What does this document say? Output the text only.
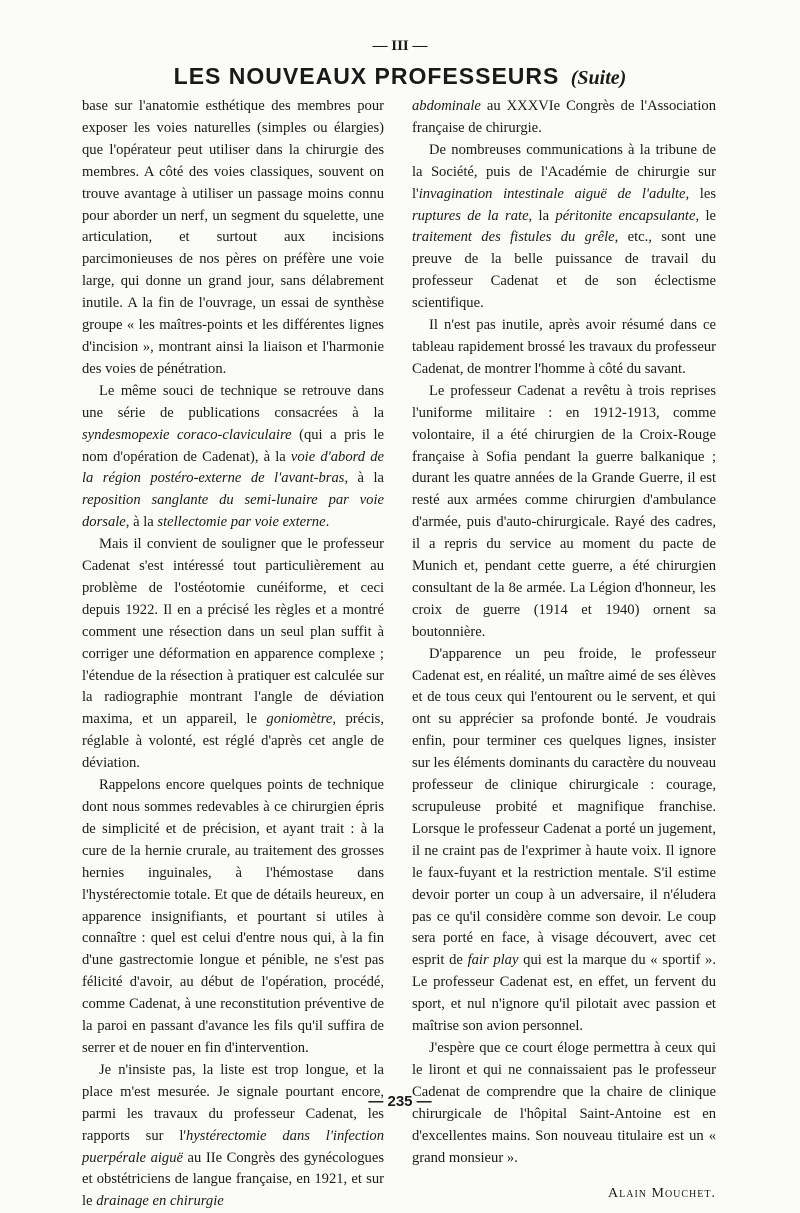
— III —
LES NOUVEAUX PROFESSEURS (Suite)

base sur l'anatomie esthétique des membres pour exposer les voies naturelles (simples ou élargies) que l'opérateur peut utiliser dans la chirurgie des membres. A côté des voies classiques, souvent on trouve avantage à utiliser un passage moins connu pour aborder un nerf, un segment du squelette, une articulation, et surtout aux incisions parcimonieuses de nos pères on préfère une voie large, qui donne un grand jour, sans délabrement inutile. A la fin de l'ouvrage, un essai de synthèse groupe « les maîtres-points et les différentes lignes d'incision », montrant ainsi la liaison et l'harmonie des voies de pénétration.

Le même souci de technique se retrouve dans une série de publications consacrées à la syndesmopexie coraco-claviculaire (qui a pris le nom d'opération de Cadenat), à la voie d'abord de la région postéro-externe de l'avant-bras, à la reposition sanglante du semi-lunaire par voie dorsale, à la stellectomie par voie externe.

Mais il convient de souligner que le professeur Cadenat s'est intéressé tout particulièrement au problème de l'ostéotomie cunéiforme, et ceci depuis 1922. Il en a précisé les règles et a montré comment une résection dans un seul plan suffit à corriger une déformation en apparence complexe ; l'étendue de la résection à pratiquer est calculée sur la radiographie montrant l'angle de déviation maxima, et un appareil, le goniomètre, précis, réglable à volonté, est réglé d'après cet angle de déviation.

Rappelons encore quelques points de technique dont nous sommes redevables à ce chirurgien épris de simplicité et de précision, et ayant trait : à la cure de la hernie crurale, au traitement des grosses hernies inguinales, à l'hémostase dans l'hystérectomie totale. Et que de détails heureux, en apparence insignifiants, et pourtant si utiles à connaître : quel est celui d'entre nous qui, à la fin d'une gastrectomie longue et pénible, ne s'est pas félicité d'avoir, au début de l'opération, procédé, comme Cadenat, à une reconstitution préventive de la paroi en passant d'avance les fils qu'il suffira de serrer et de nouer en fin d'intervention.

Je n'insiste pas, la liste est trop longue, et la place m'est mesurée. Je signale pourtant encore, parmi les travaux du professeur Cadenat, les rapports sur l'hystérectomie dans l'infection puerpérale aiguë au IIe Congrès des gynécologues et obstétriciens de langue française, en 1921, et sur le drainage en chirurgie

abdominale au XXXVIe Congrès de l'Association française de chirurgie.

De nombreuses communications à la tribune de la Société, puis de l'Académie de chirurgie sur l'invagination intestinale aiguë de l'adulte, les ruptures de la rate, la péritonite encapsulante, le traitement des fistules du grêle, etc., sont une preuve de la belle puissance de travail du professeur Cadenat et de son éclectisme scientifique.

Il n'est pas inutile, après avoir résumé dans ce tableau rapidement brossé les travaux du professeur Cadenat, de montrer l'homme à côté du savant.

Le professeur Cadenat a revêtu à trois reprises l'uniforme militaire : en 1912-1913, comme volontaire, il a été chirurgien de la Croix-Rouge française à Sofia pendant la guerre balkanique ; durant les quatre années de la Grande Guerre, il est resté aux armées comme chirurgien d'ambulance d'armée, puis d'auto-chirurgicale. Rayé des cadres, il a repris du service au moment du pacte de Munich et, pendant cette guerre, a été chirurgien consultant de la 8e armée. La Légion d'honneur, les croix de guerre (1914 et 1940) ornent sa boutonnière.

D'apparence un peu froide, le professeur Cadenat est, en réalité, un maître aimé de ses élèves et de tous ceux qui l'entourent ou le servent, et qui ont su apprécier sa profonde bonté. Je voudrais enfin, pour terminer ces quelques lignes, insister sur les éléments dominants du caractère du nouveau professeur de clinique chirurgicale : courage, scrupuleuse probité et magnifique franchise. Lorsque le professeur Cadenat a porté un jugement, il ne craint pas de l'exprimer à haute voix. Il ignore le faux-fuyant et la restriction mentale. S'il estime devoir porter un coup à un adversaire, il n'éludera pas ce qu'il considère comme son devoir. Le coup sera porté en face, à visage découvert, avec cet esprit de fair play qui est la marque du « sportif ». Le professeur Cadenat est, en effet, un fervent du sport, et nul n'ignore qu'il pilotait avec passion et maîtrise son avion personnel.

J'espère que ce court éloge permettra à ceux qui le liront et qui ne connaissaient pas le professeur Cadenat de comprendre que la chaire de clinique chirurgicale de l'hôpital Saint-Antoine est en d'excellentes mains. Son nouveau titulaire est un « grand monsieur ».

Alain Mouchet.
— 235 —
